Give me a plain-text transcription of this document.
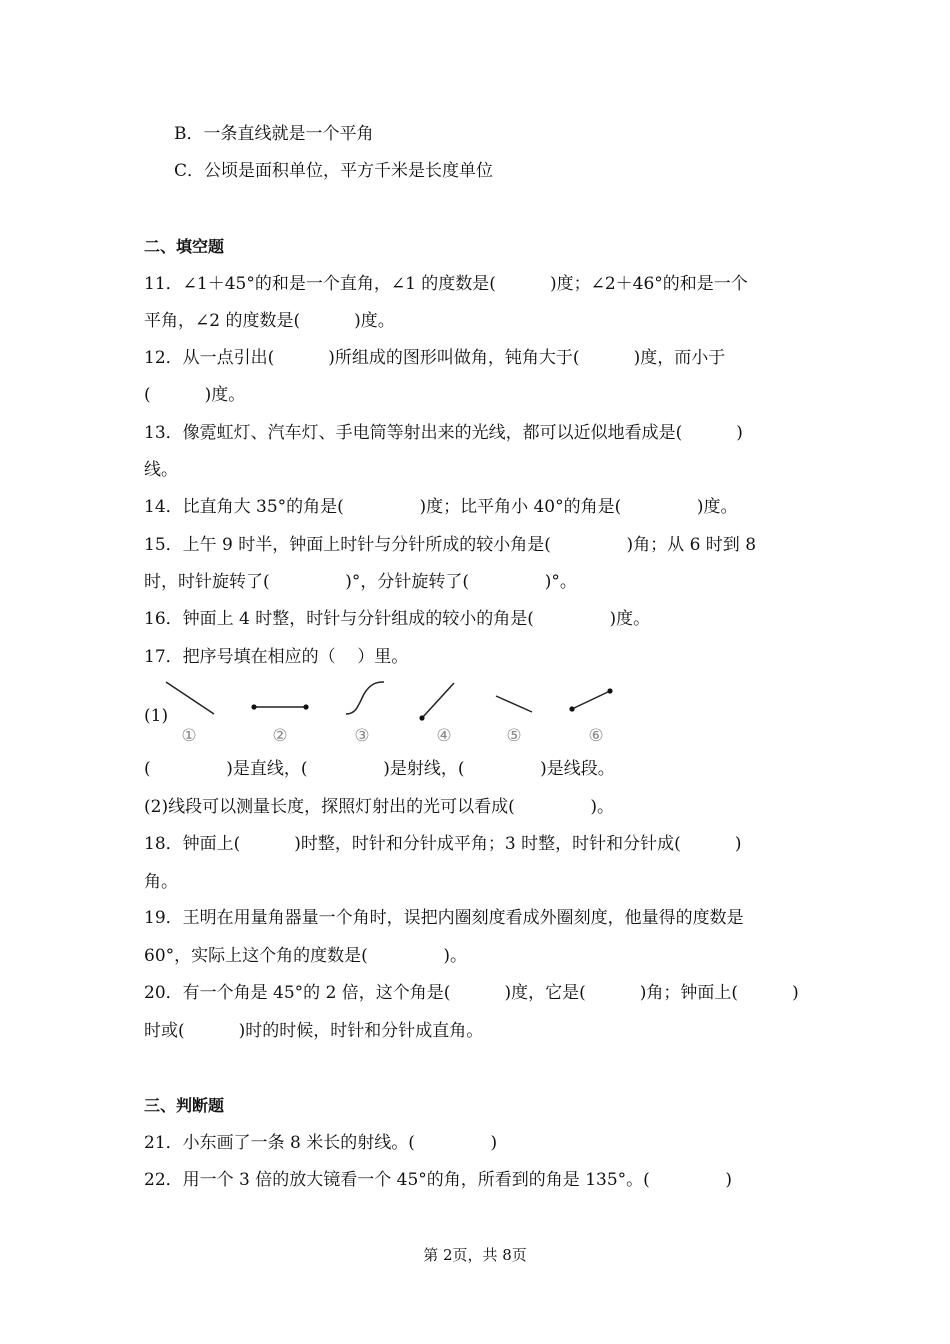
B．一条直线就是一个平角
C．公顷是面积单位，平方千米是长度单位
二、填空题
11．∠1＋45°的和是一个直角，∠1 的度数是(          )度；∠2＋46°的和是一个
平角，∠2 的度数是(          )度。
12．从一点引出(          )所组成的图形叫做角，钝角大于(          )度，而小于
(          )度。
13．像霓虹灯、汽车灯、手电筒等射出来的光线，都可以近似地看成是(          )
线。
14．比直角大 35°的角是(              )度；比平角小 40°的角是(              )度。
15．上午 9 时半，钟面上时针与分针所成的较小角是(              )角；从 6 时到 8
时，时针旋转了(              )°，分针旋转了(              )°。
16．钟面上 4 时整，时针与分针组成的较小的角是(              )度。
17．把序号填在相应的（    ）里。
(1)
①	②	③	④	⑤	⑥
(              )是直线，(              )是射线，(              )是线段。
(2)线段可以测量长度，探照灯射出的光可以看成(              )。
18．钟面上(          )时整，时针和分针成平角；3 时整，时针和分针成(          )
角。
19．王明在用量角器量一个角时，误把内圈刻度看成外圈刻度，他量得的度数是
60°，实际上这个角的度数是(              )。
20．有一个角是 45°的 2 倍，这个角是(          )度，它是(          )角；钟面上(          )
时或(          )时的时候，时针和分针成直角。
三、判断题
21．小东画了一条 8 米长的射线。(              )
22．用一个 3 倍的放大镜看一个 45°的角，所看到的角是 135°。(              )
第 2页，共 8页
